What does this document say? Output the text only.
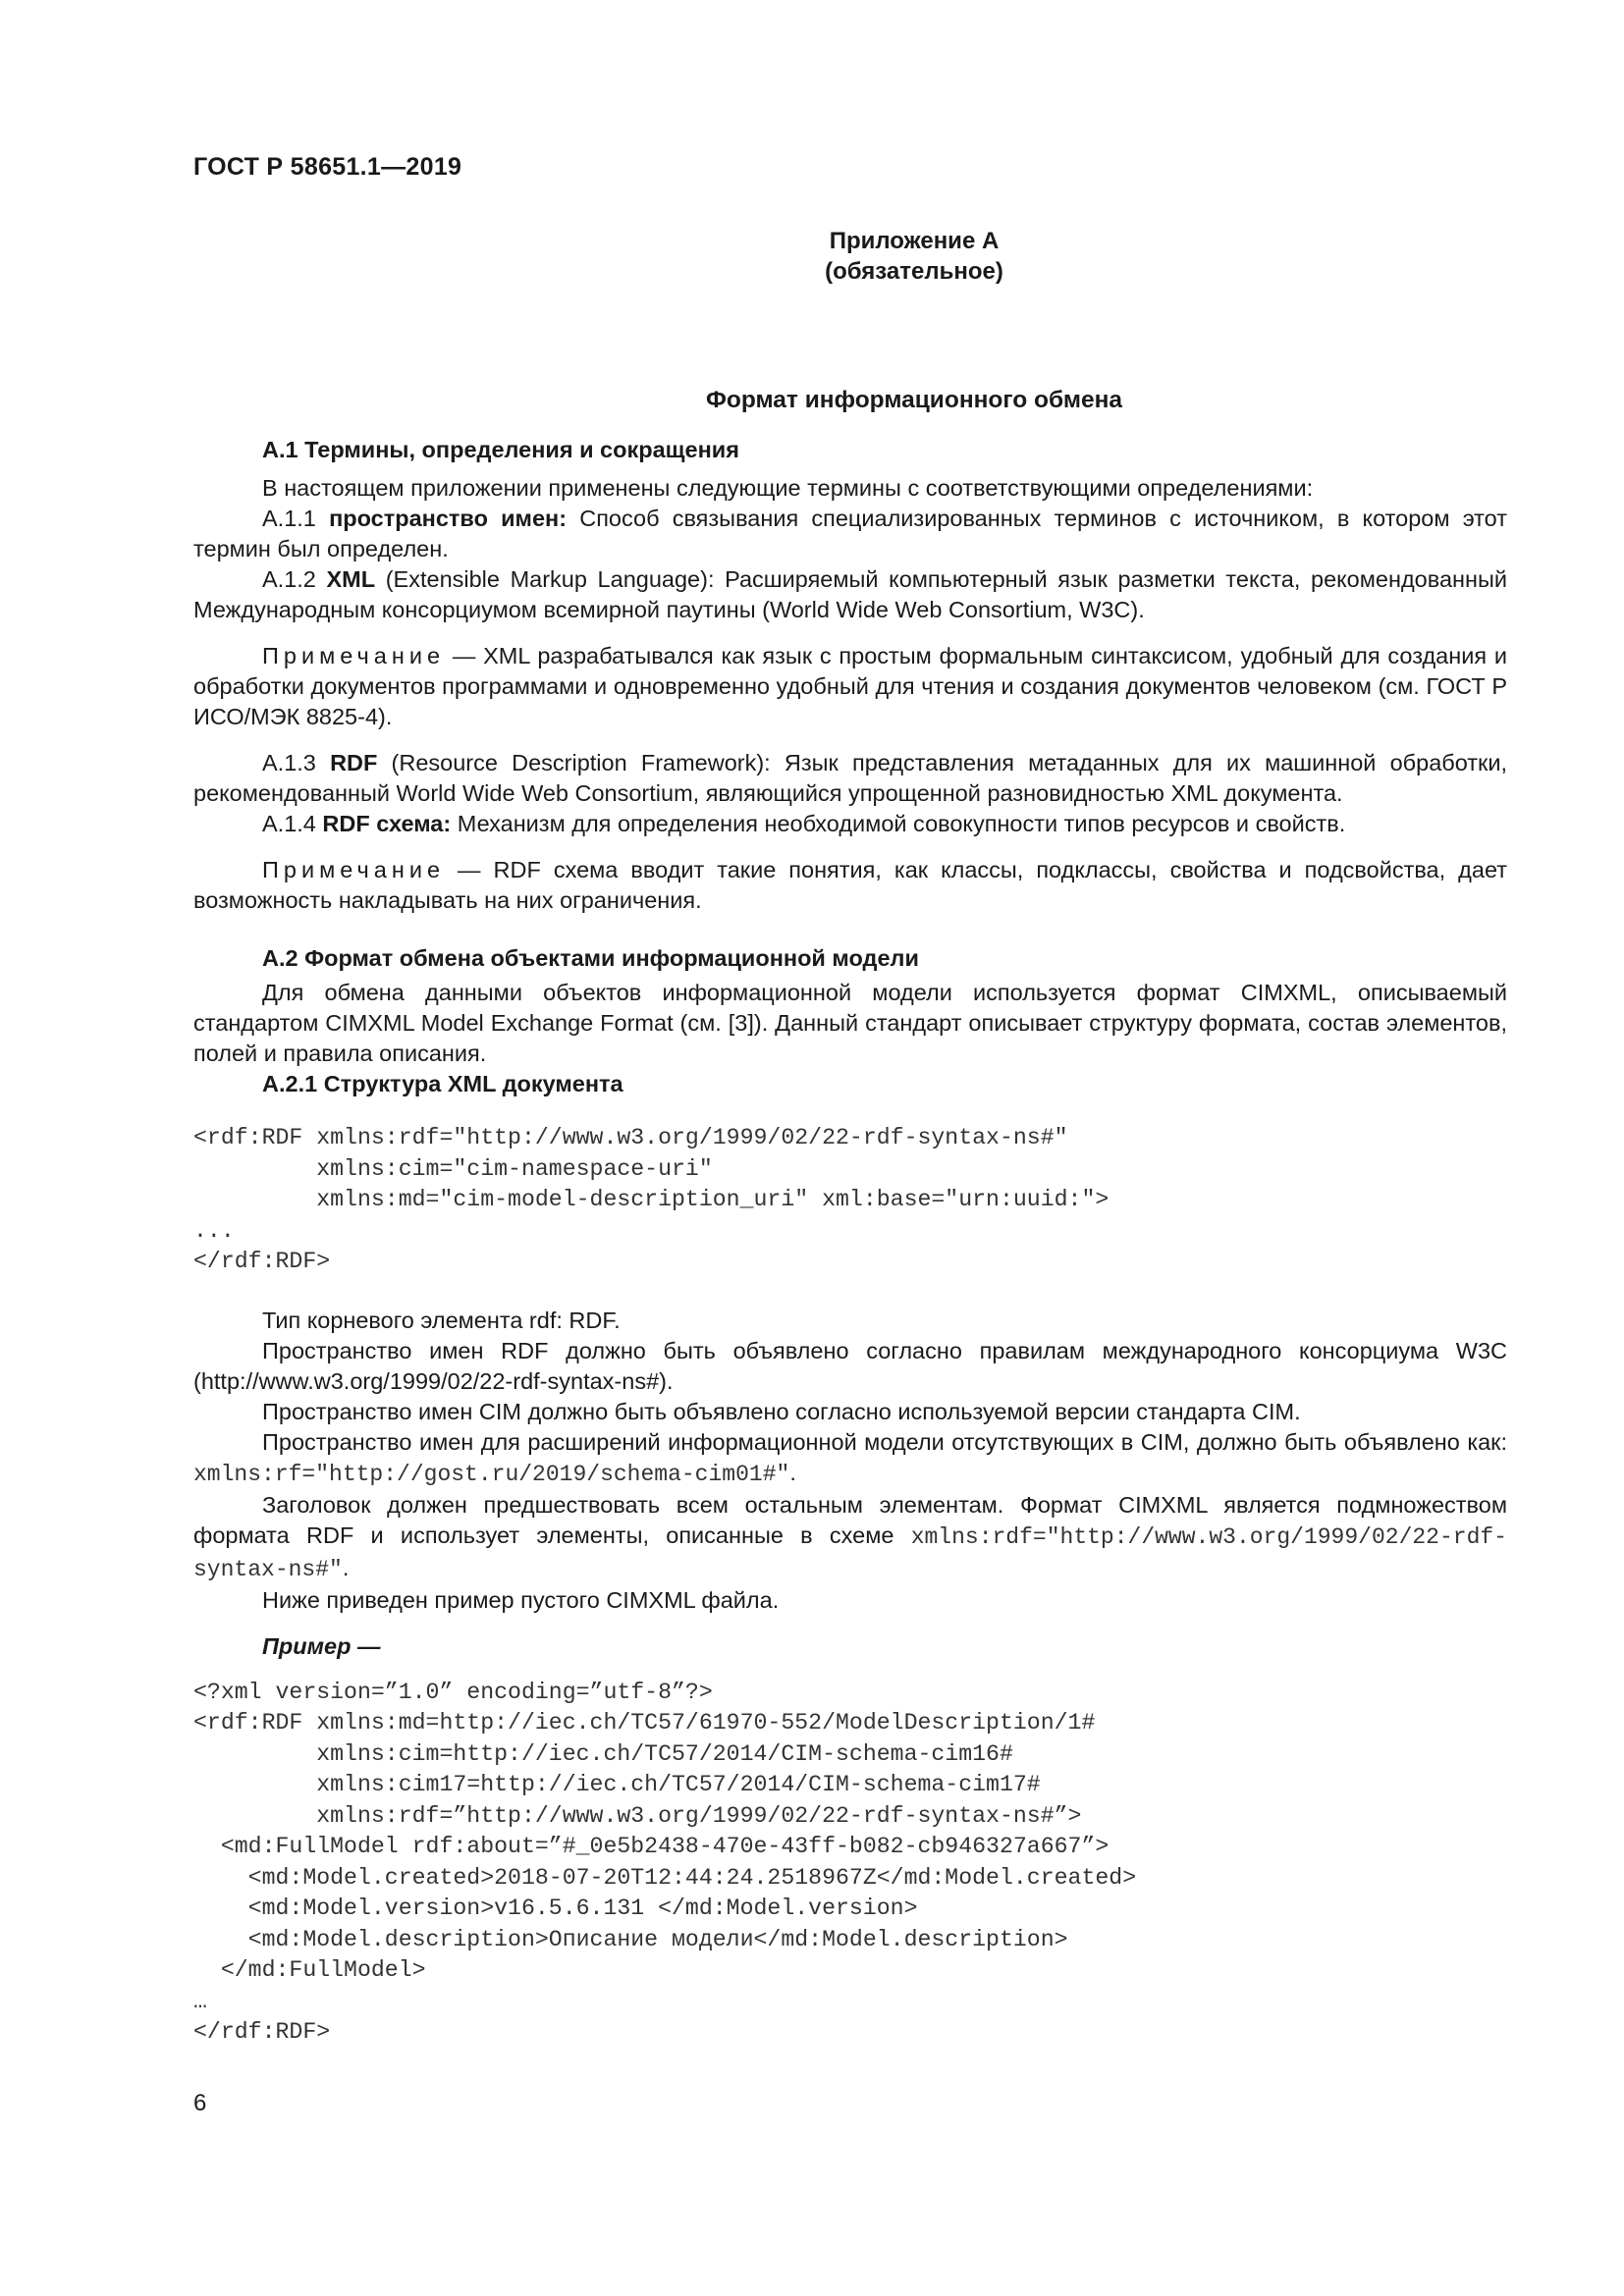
ГОСТ Р 58651.1—2019
Приложение А
(обязательное)
Формат информационного обмена
А.1 Термины, определения и сокращения

В настоящем приложении применены следующие термины с соответствующими определениями:

А.1.1 пространство имен: Способ связывания специализированных терминов с источником, в котором этот термин был определен.

А.1.2 XML (Extensible Markup Language): Расширяемый компьютерный язык разметки текста, рекомендованный Международным консорциумом всемирной паутины (World Wide Web Consortium, W3C).

Примечание — XML разрабатывался как язык с простым формальным синтаксисом, удобный для создания и обработки документов программами и одновременно удобный для чтения и создания документов человеком (см. ГОСТ Р ИСО/МЭК 8825-4).

А.1.3 RDF (Resource Description Framework): Язык представления метаданных для их машинной обработки, рекомендованный World Wide Web Consortium, являющийся упрощенной разновидностью XML документа.

А.1.4 RDF схема: Механизм для определения необходимой совокупности типов ресурсов и свойств.

Примечание — RDF схема вводит такие понятия, как классы, подклассы, свойства и подсвойства, дает возможность накладывать на них ограничения.

А.2 Формат обмена объектами информационной модели

Для обмена данными объектов информационной модели используется формат CIMXML, описываемый стандартом CIMXML Model Exchange Format (см. [3]). Данный стандарт описывает структуру формата, состав элементов, полей и правила описания.

А.2.1 Структура XML документа
<rdf:RDF xmlns:rdf="http://www.w3.org/1999/02/22-rdf-syntax-ns#"
xmlns:cim="cim-namespace-uri"
xmlns:md="cim-model-description_uri" xml:base="urn:uuid:">
...
</rdf:RDF>

Тип корневого элемента rdf: RDF.

Пространство имен RDF должно быть объявлено согласно правилам международного консорциума W3C (http://www.w3.org/1999/02/22-rdf-syntax-ns#).

Пространство имен CIM должно быть объявлено согласно используемой версии стандарта CIM.

Пространство имен для расширений информационной модели отсутствующих в CIM, должно быть объявлено как: xmlns:rf="http://gost.ru/2019/schema-cim01#".

Заголовок должен предшествовать всем остальным элементам. Формат CIMXML является подмножеством формата RDF и использует элементы, описанные в схеме xmlns:rdf="http://www.w3.org/1999/02/22-rdf-syntax-ns#".

Ниже приведен пример пустого CIMXML файла.

Пример —

<?xml version=”1.0” encoding=”utf-8”?>
<rdf:RDF xmlns:md=http://iec.ch/TC57/61970-552/ModelDescription/1#
xmlns:cim=http://iec.ch/TC57/2014/CIM-schema-cim16#
xmlns:cim17=http://iec.ch/TC57/2014/CIM-schema-cim17#
xmlns:rdf=”http://www.w3.org/1999/02/22-rdf-syntax-ns#”>
<md:FullModel rdf:about=”#_0e5b2438-470e-43ff-b082-cb946327a667”>
<md:Model.created>2018-07-20T12:44:24.2518967Z</md:Model.created>
<md:Model.version>v16.5.6.131 </md:Model.version>
<md:Model.description>Описание модели</md:Model.description>
</md:FullModel>
…
</rdf:RDF>
6
